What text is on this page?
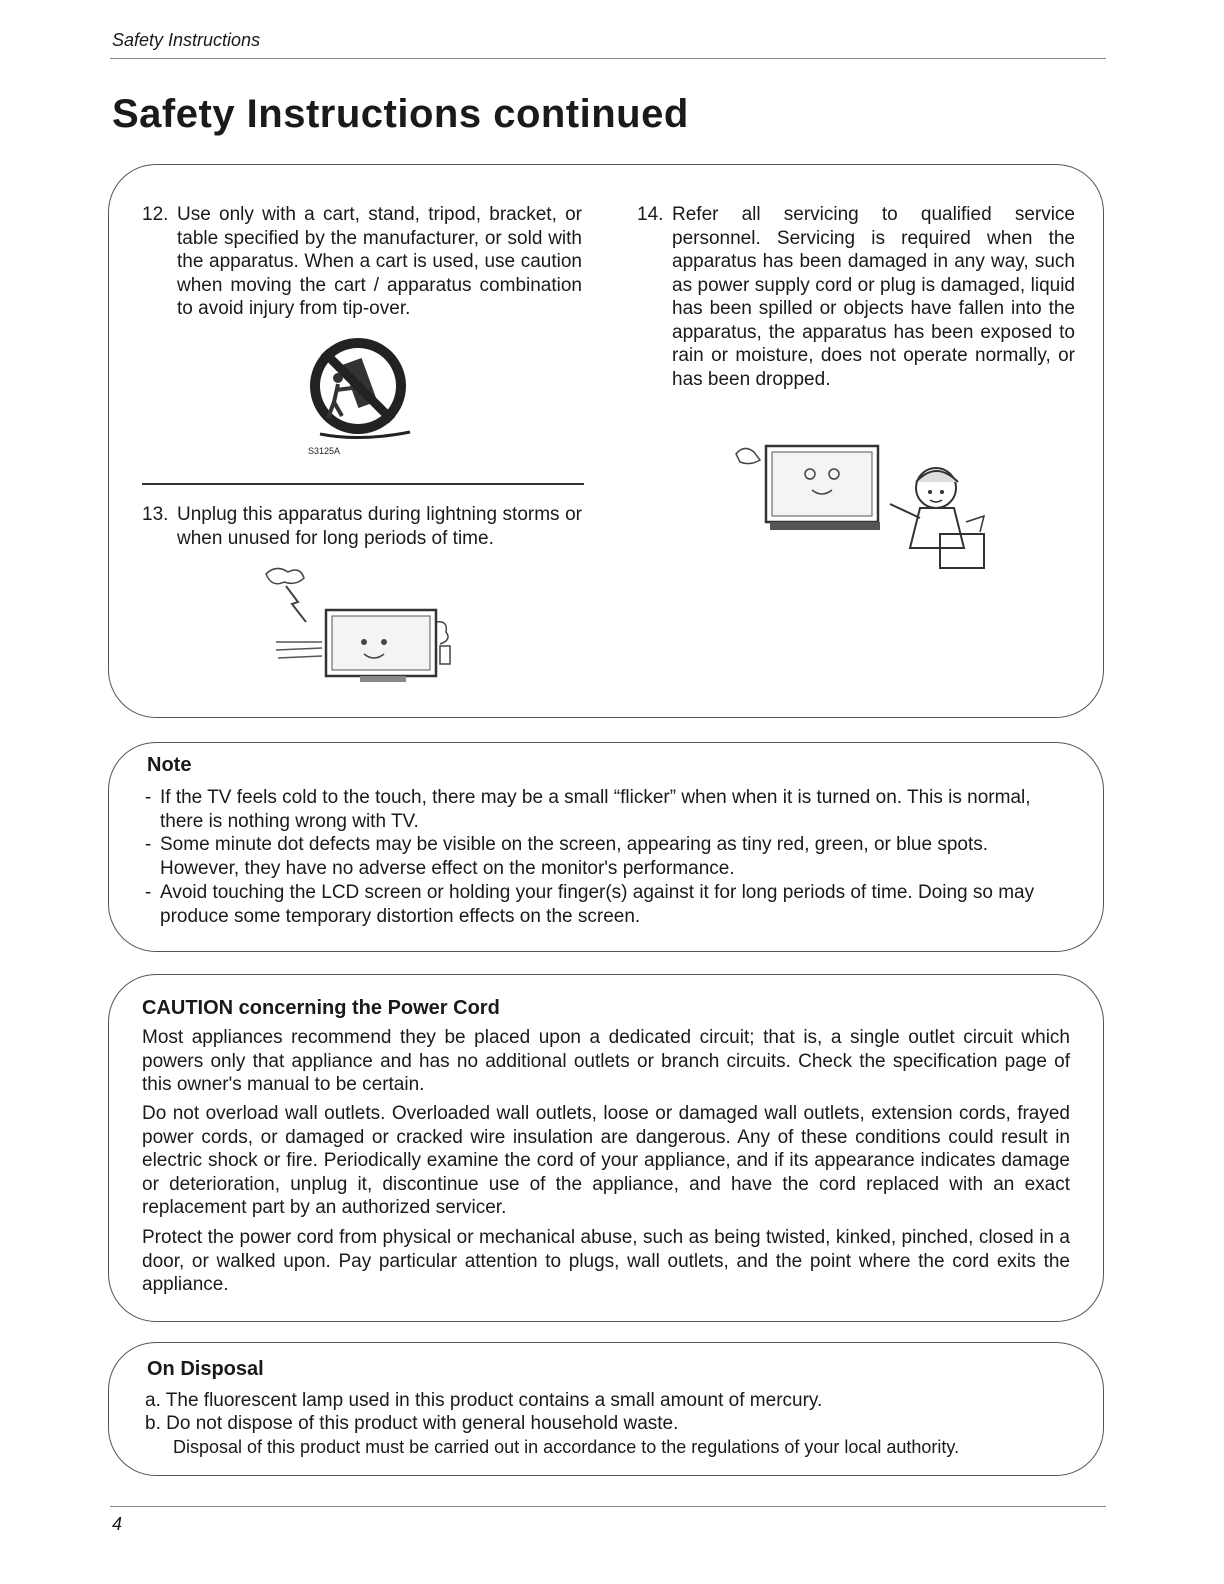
Safety Instructions
Safety Instructions continued
12. Use only with a cart, stand, tripod, bracket, or table specified by the manufacturer, or sold with the apparatus. When a cart is used, use caution when moving the cart / apparatus combination to avoid injury from tip-over.
S3125A
13. Unplug this apparatus during lightning storms or when unused for long periods of time.
14. Refer all servicing to qualified service personnel. Servicing is required when the apparatus has been damaged in any way, such as power supply cord or plug is damaged, liquid has been spilled or objects have fallen into the apparatus, the apparatus has been exposed to rain or moisture, does not operate normally, or has been dropped.
Note
- If the TV feels cold to the touch, there may be a small “flicker” when when it is turned on. This is normal, there is nothing wrong with TV.
- Some minute dot defects may be visible on the screen, appearing as tiny red, green, or blue spots. However, they have no adverse effect on the monitor's performance.
- Avoid touching the LCD screen or holding your finger(s) against it for long periods of time. Doing so may produce some temporary distortion effects on the screen.
CAUTION concerning the Power Cord
Most appliances recommend they be placed upon a dedicated circuit; that is, a single outlet circuit which powers only that appliance and has no additional outlets or branch circuits. Check the specification page of this owner's manual to be certain.
Do not overload wall outlets. Overloaded wall outlets, loose or damaged wall outlets, extension cords, frayed power cords, or damaged or cracked wire insulation are dangerous. Any of these conditions could result in electric shock or fire. Periodically examine the cord of your appliance, and if its appearance indicates damage or deterioration, unplug it, discontinue use of the appliance, and have the cord replaced with an exact replacement part by an authorized servicer.
Protect the power cord from physical or mechanical abuse, such as being twisted, kinked, pinched, closed in a door, or walked upon. Pay particular attention to plugs, wall outlets, and the point where the cord exits the appliance.
On Disposal
a. The fluorescent lamp used in this product contains a small amount of mercury.
b. Do not dispose of this product with general household waste.
Disposal of this product must be carried out in accordance to the regulations of your local authority.
4
